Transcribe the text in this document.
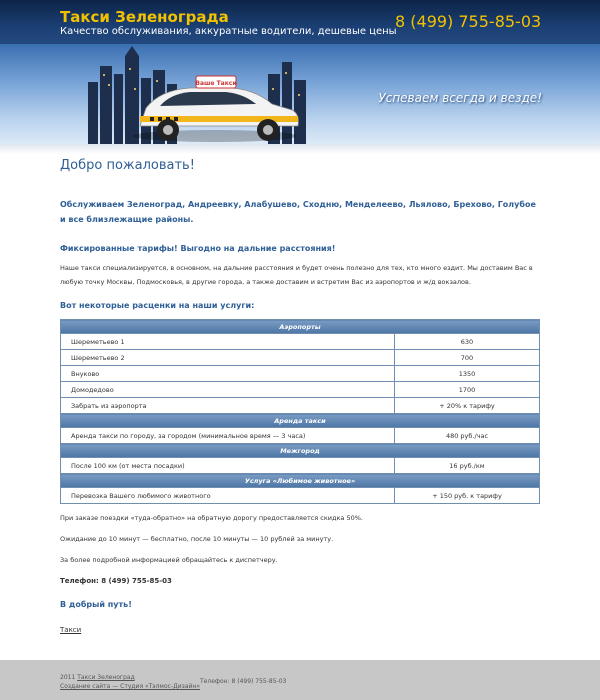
Такси Зеленограда
Качество обслуживания, аккуратные водители, дешевые цены
8 (499) 755-85-03
Ваше Такси
Успеваем всегда и везде!
Добро пожаловать!

Обслуживаем Зеленоград, Андреевку, Алабушево, Сходню, Менделеево, Льялово, Брехово, Голубое и все близлежащие районы.

Фиксированные тарифы! Выгодно на дальние расстояния!

Наше такси специализируется, в основном, на дальние расстояния и будет очень полезно для тех, кто много ездит. Мы доставим Вас в любую точку Москвы, Подмосковья, в другие города, а также доставим и встретим Вас из аэропортов и ж/д вокзалов.

Вот некоторые расценки на наши услуги:

Аэропорты	
Шереметьево 1	630
Шереметьево 2	700
Внуково	1350
Домодедово	1700
Забрать из аэропорта	+ 20% к тарифу
Аренда такси	
Аренда такси по городу, за городом (минимальное время — 3 часа)	480 руб./час
Межгород	
После 100 км (от места посадки)	16 руб./км
Услуга «Любимое животное»	
Перевозка Вашего любимого животного	+ 150 руб. к тарифу

При заказе поездки «туда-обратно» на обратную дорогу предоставляется скидка 50%.

Ожидание до 10 минут — бесплатно, после 10 минуты — 10 рублей за минуту.

За более подробной информацией обращайтесь к диспетчеру.

Телефон: 8 (499) 755-85-03

В добрый путь!

Такси
2011 Такси Зеленоград
Создание сайта — Студия «Тэлмос-Дизайн»
Телефон: 8 (499) 755-85-03
